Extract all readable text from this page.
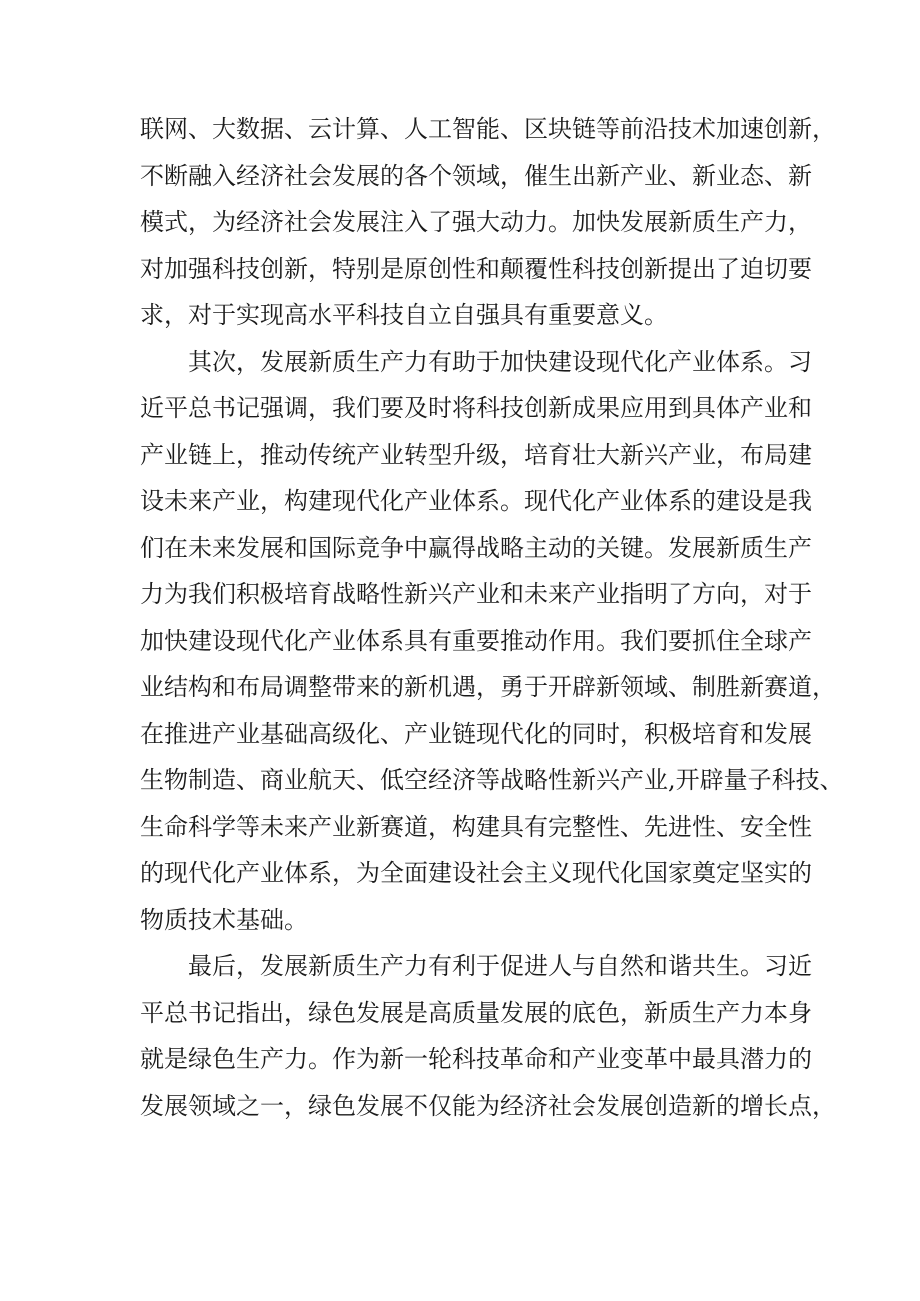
联网、大数据、云计算、人工智能、区块链等前沿技术加速创新，
不断融入经济社会发展的各个领域，催生出新产业、新业态、新
模式，为经济社会发展注入了强大动力。加快发展新质生产力，
对加强科技创新，特别是原创性和颠覆性科技创新提出了迫切要
求，对于实现高水平科技自立自强具有重要意义。
其次，发展新质生产力有助于加快建设现代化产业体系。习
近平总书记强调，我们要及时将科技创新成果应用到具体产业和
产业链上，推动传统产业转型升级，培育壮大新兴产业，布局建
设未来产业，构建现代化产业体系。现代化产业体系的建设是我
们在未来发展和国际竞争中赢得战略主动的关键。发展新质生产
力为我们积极培育战略性新兴产业和未来产业指明了方向，对于
加快建设现代化产业体系具有重要推动作用。我们要抓住全球产
业结构和布局调整带来的新机遇，勇于开辟新领域、制胜新赛道，
在推进产业基础高级化、产业链现代化的同时，积极培育和发展
生物制造、商业航天、低空经济等战略性新兴产业,开辟量子科技、
生命科学等未来产业新赛道，构建具有完整性、先进性、安全性
的现代化产业体系，为全面建设社会主义现代化国家奠定坚实的
物质技术基础。
最后，发展新质生产力有利于促进人与自然和谐共生。习近
平总书记指出，绿色发展是高质量发展的底色，新质生产力本身
就是绿色生产力。作为新一轮科技革命和产业变革中最具潜力的
发展领域之一，绿色发展不仅能为经济社会发展创造新的增长点，
